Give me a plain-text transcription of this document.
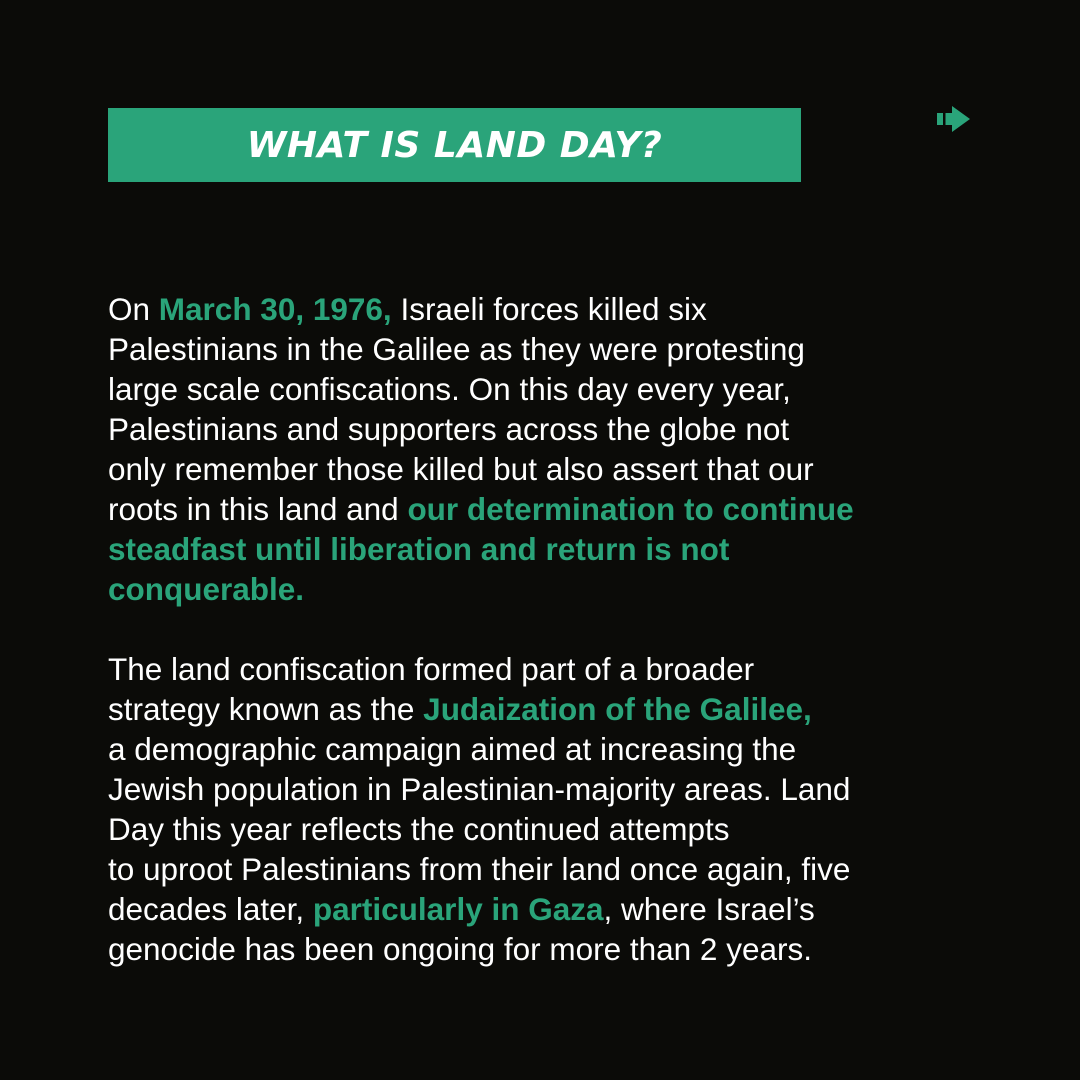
WHAT IS LAND DAY?
On March 30, 1976, Israeli forces killed six
Palestinians in the Galilee as they were protesting
large scale confiscations. On this day every year,
Palestinians and supporters across the globe not
only remember those killed but also assert that our
roots in this land and our determination to continue
steadfast until liberation and return is not
conquerable.
The land confiscation formed part of a broader
strategy known as the Judaization of the Galilee,
a demographic campaign aimed at increasing the
Jewish population in Palestinian-majority areas. Land
Day this year reflects the continued attempts
to uproot Palestinians from their land once again, five
decades later, particularly in Gaza, where Israel’s
genocide has been ongoing for more than 2 years.
